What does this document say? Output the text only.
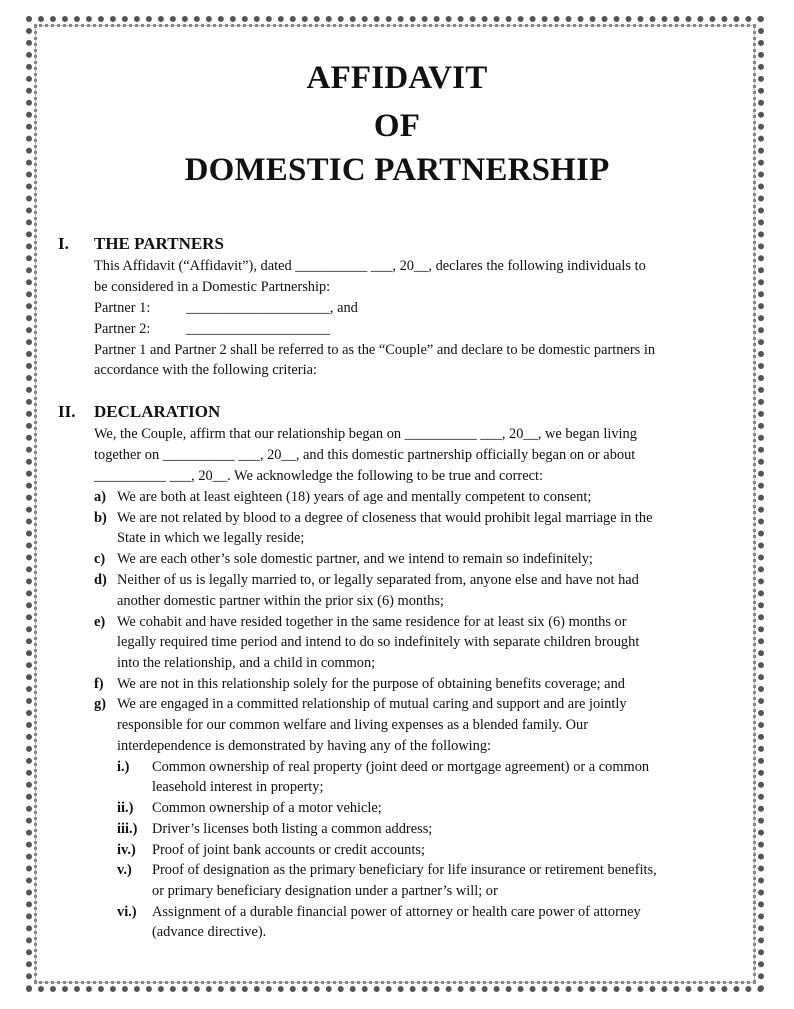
AFFIDAVIT
OF
DOMESTIC PARTNERSHIP
I. THE PARTNERS
This Affidavit (“Affidavit”), dated __________ ___, 20__, declares the following individuals to
be considered in a Domestic Partnership:
Partner 1: ____________________, and
Partner 2: ____________________
Partner 1 and Partner 2 shall be referred to as the “Couple” and declare to be domestic partners in
accordance with the following criteria:
II. DECLARATION
We, the Couple, affirm that our relationship began on __________ ___, 20__, we began living
together on __________ ___, 20__, and this domestic partnership officially began on or about
__________ ___, 20__. We acknowledge the following to be true and correct:
a) We are both at least eighteen (18) years of age and mentally competent to consent;
b) We are not related by blood to a degree of closeness that would prohibit legal marriage in the
State in which we legally reside;
c) We are each other’s sole domestic partner, and we intend to remain so indefinitely;
d) Neither of us is legally married to, or legally separated from, anyone else and have not had
another domestic partner within the prior six (6) months;
e) We cohabit and have resided together in the same residence for at least six (6) months or
legally required time period and intend to do so indefinitely with separate children brought
into the relationship, and a child in common;
f) We are not in this relationship solely for the purpose of obtaining benefits coverage; and
g) We are engaged in a committed relationship of mutual caring and support and are jointly
responsible for our common welfare and living expenses as a blended family. Our
interdependence is demonstrated by having any of the following:
i.) Common ownership of real property (joint deed or mortgage agreement) or a common
leasehold interest in property;
ii.) Common ownership of a motor vehicle;
iii.) Driver’s licenses both listing a common address;
iv.) Proof of joint bank accounts or credit accounts;
v.) Proof of designation as the primary beneficiary for life insurance or retirement benefits,
or primary beneficiary designation under a partner’s will; or
vi.) Assignment of a durable financial power of attorney or health care power of attorney
(advance directive).
